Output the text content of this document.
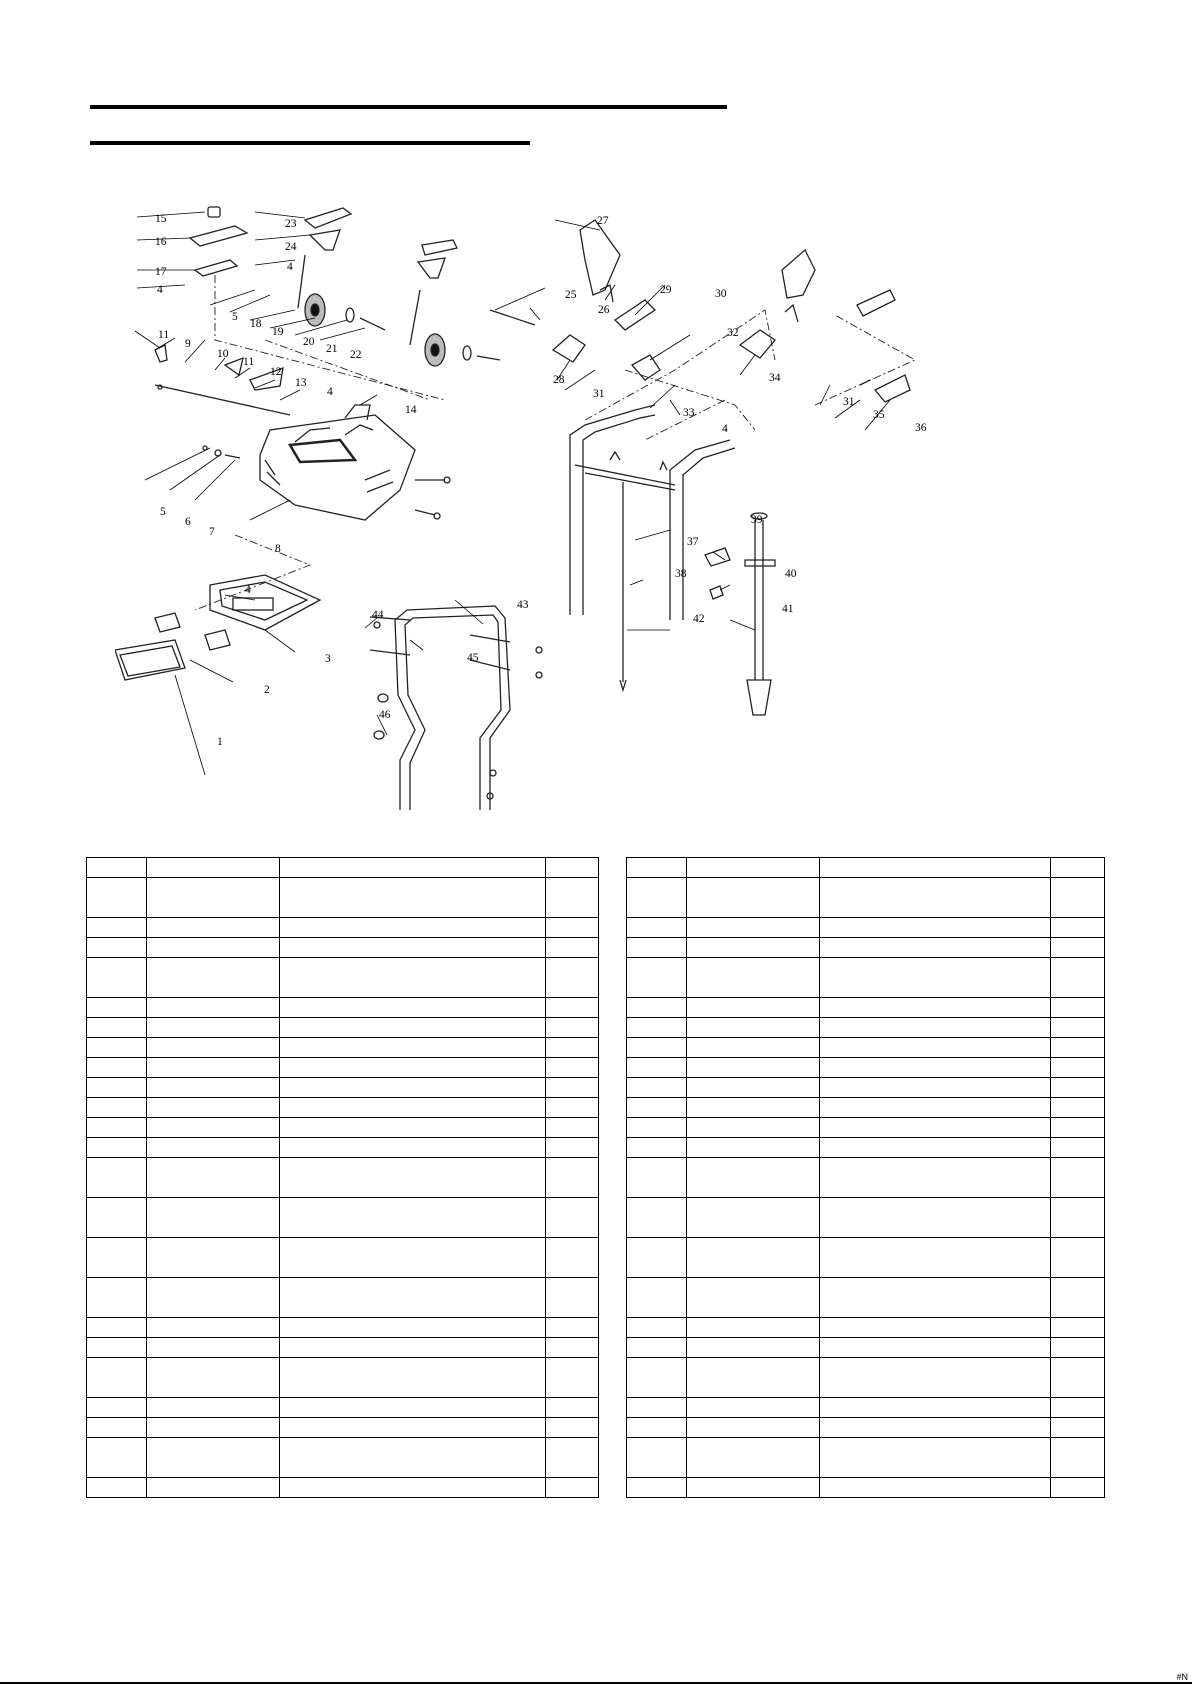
15
16
17
4
5
18
19
20
21 22
23
24
4
11
9
10
11
12
13
4
14
5
6
7
8
4
3
2
1
27
25
26
29	30
28
31
32
33
4
34
31
35
36
37
38
39
40
41
42
43
44
45
46

#N
